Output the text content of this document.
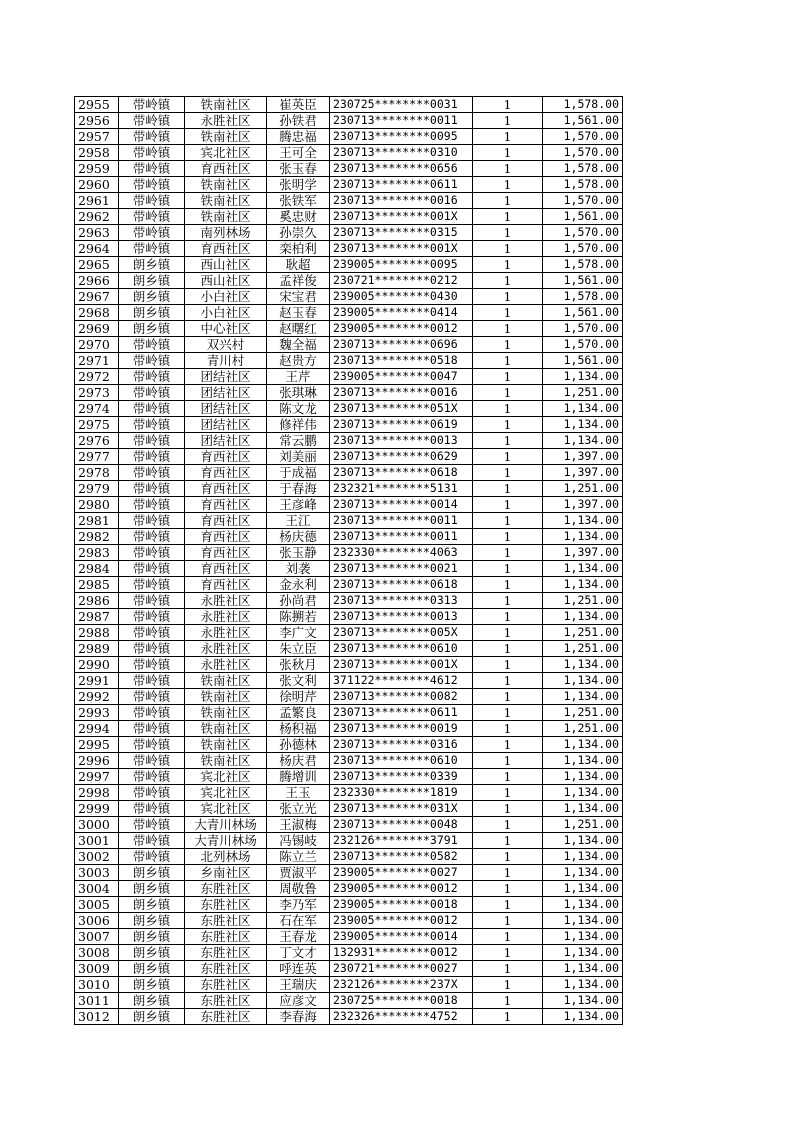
2955	带岭镇	铁南社区	崔英臣	230725********0031	1	1,578.00
2956	带岭镇	永胜社区	孙铁君	230713********0011	1	1,561.00
2957	带岭镇	铁南社区	腾忠福	230713********0095	1	1,570.00
2958	带岭镇	宾北社区	王可全	230713********0310	1	1,570.00
2959	带岭镇	育西社区	张玉春	230713********0656	1	1,578.00
2960	带岭镇	铁南社区	张明学	230713********0611	1	1,578.00
2961	带岭镇	铁南社区	张铁军	230713********0016	1	1,570.00
2962	带岭镇	铁南社区	奚忠财	230713********001X	1	1,561.00
2963	带岭镇	南列林场	孙崇久	230713********0315	1	1,570.00
2964	带岭镇	育西社区	栾柏利	230713********001X	1	1,570.00
2965	朗乡镇	西山社区	耿超	239005********0095	1	1,578.00
2966	朗乡镇	西山社区	孟祥俊	230721********0212	1	1,561.00
2967	朗乡镇	小白社区	宋宝君	239005********0430	1	1,578.00
2968	朗乡镇	小白社区	赵玉春	239005********0414	1	1,561.00
2969	朗乡镇	中心社区	赵曙红	239005********0012	1	1,570.00
2970	带岭镇	双兴村	魏全福	230713********0696	1	1,570.00
2971	带岭镇	青川村	赵贵方	230713********0518	1	1,561.00
2972	带岭镇	团结社区	王芹	239005********0047	1	1,134.00
2973	带岭镇	团结社区	张琪琳	230713********0016	1	1,251.00
2974	带岭镇	团结社区	陈文龙	230713********051X	1	1,134.00
2975	带岭镇	团结社区	修祥伟	230713********0619	1	1,134.00
2976	带岭镇	团结社区	常云鹏	230713********0013	1	1,134.00
2977	带岭镇	育西社区	刘美丽	230713********0629	1	1,397.00
2978	带岭镇	育西社区	于成福	230713********0618	1	1,397.00
2979	带岭镇	育西社区	于春海	232321********5131	1	1,251.00
2980	带岭镇	育西社区	王彦峰	230713********0014	1	1,397.00
2981	带岭镇	育西社区	王江	230713********0011	1	1,134.00
2982	带岭镇	育西社区	杨庆德	230713********0011	1	1,134.00
2983	带岭镇	育西社区	张玉静	232330********4063	1	1,397.00
2984	带岭镇	育西社区	刘袭	230713********0021	1	1,134.00
2985	带岭镇	育西社区	金永利	230713********0618	1	1,134.00
2986	带岭镇	永胜社区	孙尚君	230713********0313	1	1,251.00
2987	带岭镇	永胜社区	陈搠若	230713********0013	1	1,134.00
2988	带岭镇	永胜社区	李广文	230713********005X	1	1,251.00
2989	带岭镇	永胜社区	朱立臣	230713********0610	1	1,251.00
2990	带岭镇	永胜社区	张秋月	230713********001X	1	1,134.00
2991	带岭镇	铁南社区	张文利	371122********4612	1	1,134.00
2992	带岭镇	铁南社区	徐明芹	230713********0082	1	1,134.00
2993	带岭镇	铁南社区	孟繁良	230713********0611	1	1,251.00
2994	带岭镇	铁南社区	杨积福	230713********0019	1	1,251.00
2995	带岭镇	铁南社区	孙德林	230713********0316	1	1,134.00
2996	带岭镇	铁南社区	杨庆君	230713********0610	1	1,134.00
2997	带岭镇	宾北社区	腾增训	230713********0339	1	1,134.00
2998	带岭镇	宾北社区	王玉	232330********1819	1	1,134.00
2999	带岭镇	宾北社区	张立光	230713********031X	1	1,134.00
3000	带岭镇	大青川林场	王淑梅	230713********0048	1	1,251.00
3001	带岭镇	大青川林场	冯锡岐	232126********3791	1	1,134.00
3002	带岭镇	北列林场	陈立兰	230713********0582	1	1,134.00
3003	朗乡镇	乡南社区	贾淑平	239005********0027	1	1,134.00
3004	朗乡镇	东胜社区	周敬鲁	239005********0012	1	1,134.00
3005	朗乡镇	东胜社区	李乃军	239005********0018	1	1,134.00
3006	朗乡镇	东胜社区	石在军	239005********0012	1	1,134.00
3007	朗乡镇	东胜社区	王春龙	239005********0014	1	1,134.00
3008	朗乡镇	东胜社区	丁文才	132931********0012	1	1,134.00
3009	朗乡镇	东胜社区	呼连英	230721********0027	1	1,134.00
3010	朗乡镇	东胜社区	王瑞庆	232126********237X	1	1,134.00
3011	朗乡镇	东胜社区	应彦文	230725********0018	1	1,134.00
3012	朗乡镇	东胜社区	李春海	232326********4752	1	1,134.00
